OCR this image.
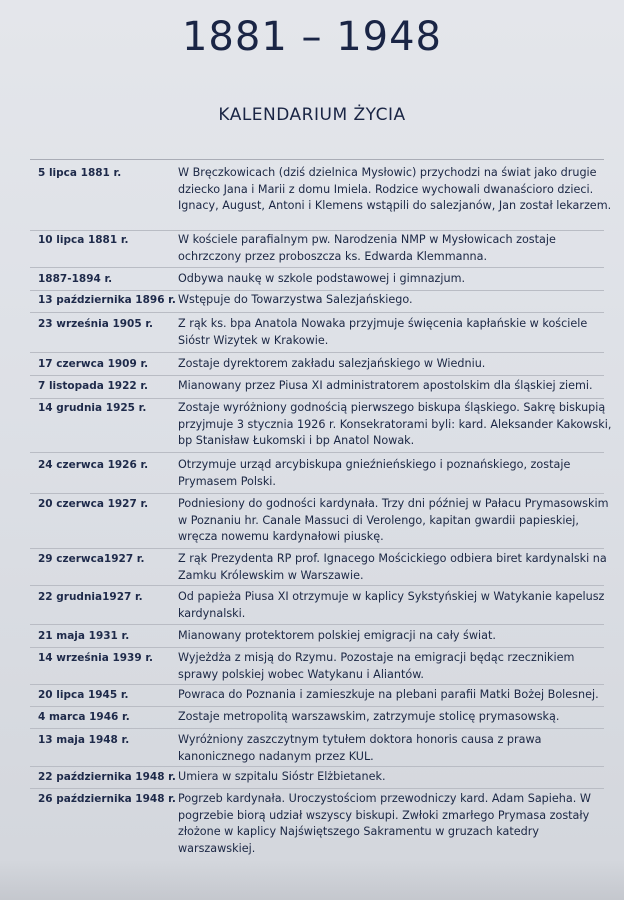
1881 – 1948
KALENDARIUM ŻYCIA
5 lipca 1881 r.	W Bręczkowicach (dziś dzielnica Mysłowic) przychodzi na świat jako drugie dziecko Jana i Marii z domu Imiela. Rodzice wychowali dwanaściorо dzieci. Ignacy, August, Antoni i Klemens wstąpili do salezjanów, Jan został lekarzem.
10 lipca 1881 r.	W kościele parafialnym pw. Narodzenia NMP w Mysłowicach zostaje ochrzczony przez proboszcza ks. Edwarda Klemmanna.
1887-1894 r.	Odbywa naukę w szkole podstawowej i gimnazjum.
13 października 1896 r. Wstępuje do Towarzystwa Salezjańskiego.
23 września 1905 r.	Z rąk ks. bpa Anatola Nowaka przyjmuje święcenia kapłańskie w kościele Sióstr Wizytek w Krakowie.
17 czerwca 1909 r.	Zostaje dyrektorem zakładu salezjańskiego w Wiedniu.
7 listopada 1922 r.	Mianowany przez Piusa XI administratorem apostolskim dla śląskiej ziemi.
14 grudnia 1925 r.	Zostaje wyróżniony godnością pierwszego biskupa śląskiego. Sakrę biskupią przyjmuje 3 stycznia 1926 r. Konsekratorami byli: kard. Aleksander Kakowski, bp Stanisław Łukomski i bp Anatol Nowak.
24 czerwca 1926 r.	Otrzymuje urząd arcybiskupa gnieźnieńskiego i poznańskiego, zostaje Prymasem Polski.
20 czerwca 1927 r.	Podniesiony do godności kardynała. Trzy dni później w Pałacu Prymasowskim w Poznaniu hr. Canale Massuci di Verolengo, kapitan gwardii papieskiej, wręcza nowemu kardynałowi piuskę.
29 czerwca1927 r.	Z rąk Prezydenta RP prof. Ignacego Mościckiego odbiera biret kardynalski na Zamku Królewskim w Warszawie.
22 grudnia1927 r.	Od papieża Piusa XI otrzymuje w kaplicy Sykstyńskiej w Watykanie kapelusz kardynalski.
21 maja 1931 r.	Mianowany protektorem polskiej emigracji na cały świat.
14 września 1939 r.	Wyjeżdża z misją do Rzymu. Pozostaje na emigracji będąc rzecznikiem sprawy polskiej wobec Watykanu i Aliantów.
20 lipca 1945 r.	Powraca do Poznania i zamieszkuje na plebani parafii Matki Bożej Bolesnej.
4 marca 1946 r.	Zostaje metropolitą warszawskim, zatrzymuje stolicę prymasowską.
13 maja 1948 r.	Wyróżniony zaszczytnym tytułem doktora honoris causa z prawa kanonicznego nadanym przez KUL.
22 października 1948 r. Umiera w szpitalu Sióstr Elżbietanek.
26 października 1948 r. Pogrzeb kardynała. Uroczystościom przewodniczy kard. Adam Sapieha. W pogrzebie biorą udział wszyscy biskupi. Zwłoki zmarłego Prymasa zostały złożone w kaplicy Najświętszego Sakramentu w gruzach katedry warszawskiej.
